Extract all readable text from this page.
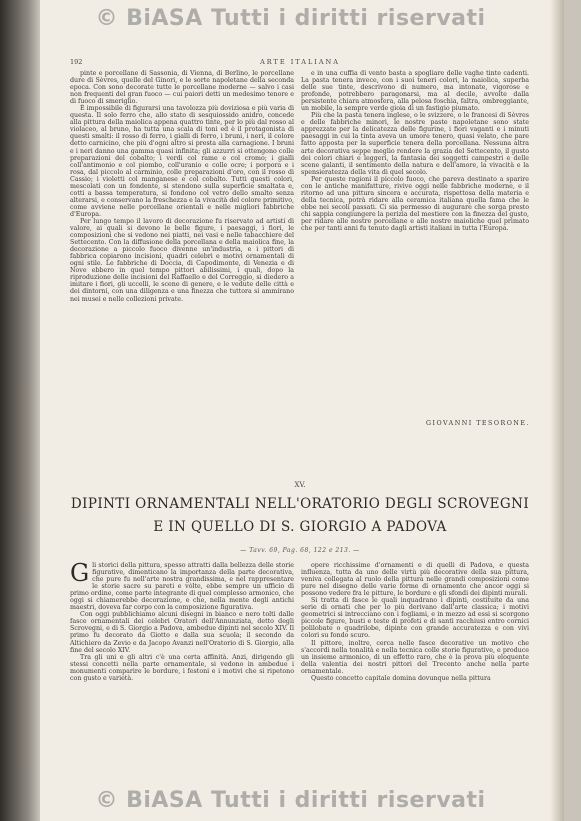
© BiASA Tutti i diritti riservati
192	ARTE ITALIANA

pinte e porcellane di Sassonia, di Vienna, di Berlino, le porcellane dure di Sèvres, quelle del Ginori, e le sorte napoletane della seconda epoca. Con sono decorate tutte le porcellane moderne — salvo i casi non frequenti del gran fuoco — cui paiori detti un medesimo tenore e di fuoco di smeriglio.

È impossibile di figurarsi una tavolozza più doviziosa e più varia di questa. Il solo ferro che, allo stato di sesquiossido anidro, concede alla pittura della maiolica appena quattro tinte, per lo più dal rosso al violaceo, al bruno, ha tutta una scala di toni ed è il protagonista di questi smalti: il rosso di ferro, i gialli di ferro, i bruni, i neri, il colore detto carnicino, che più d'ogni altro si presta alla carnagione. I bruni e i neri danno una gamma quasi infinita; gli azzurri si ottengono colle preparazioni del cobalto; i verdi col rame e col cromo; i gialli coll'antimonio e col piombo, coll'uranio e colle ocre; i porpora e i rosa, dal piccolo al carminio, colle preparazioni d'oro, con il rosso di Cassio; i violetti col manganese e col cobalto. Tutti questi colori, mescolati con un fondente, si stendono sulla superficie smaltata e, cotti a bassa temperatura, si fondono col vetro dello smalto senza alterarsi, e conservano la freschezza e la vivacità del colore primitivo, come avviene nelle porcellane orientali e nelle migliori fabbriche d'Europa.

Per lungo tempo il lavoro di decorazione fu riservato ad artisti di valore, ai quali si devono le belle figure, i paesaggi, i fiori, le composizioni che si vedono nei piatti, nei vasi e nelle tabacchiere del Settecento. Con la diffusione della porcellana e della maiolica fine, la decorazione a piccolo fuoco divenne un'industria, e i pittori di fabbrica copiarono incisioni, quadri celebri e motivi ornamentali di ogni stile. Le fabbriche di Doccia, di Capodimonte, di Venezia e di Nove ebbero in quel tempo pittori abilissimi, i quali, dopo la riproduzione delle incisioni del Raffaello e del Correggio, si diedero a imitare i fiori, gli uccelli, le scene di genere, e le vedute delle città e dei dintorni, con una diligenza e una finezza che tuttora si ammirano nei musei e nelle collezioni private.

e in una cuffia di vento basta a spogliare delle vaghe tinte cadenti. La pasta tenera invece, con i suoi teneri colori, la maiolica, superba delle sue tinte, descrivono di numero, ma intonate, vigorose e profonde, potrebbero paragonarsi, ma al decile, avvolte dalla persistente chiara atmosfera, alla pelosa foschia, faltra, ombreggiante, un mobile, la sempre verde gioia di un fastigio piumato.

Più che la pasta tenera inglese, o le svizzere, o le francesi di Sèvres e delle fabbriche minori, le nostre paste napoletane sono state apprezzate per la delicatezza delle figurine, i fiori vaganti e i minuti paesaggi in cui la tinta aveva un umore tenero, quasi velato, che pare fatto apposta per la superficie tenera della porcellana. Nessuna altra arte decorativa seppe meglio rendere la grazia del Settecento, il gusto dei colori chiari e leggeri, la fantasia dei soggetti campestri e delle scene galanti, il sentimento della natura e dell'amore, la vivacità e la spensieratezza della vita di quel secolo.

Per queste ragioni il piccolo fuoco, che pareva destinato a sparire con le antiche manifatture, rivive oggi nelle fabbriche moderne, e il ritorno ad una pittura sincera e accurata, rispettosa della materia e della tecnica, potrà ridare alla ceramica italiana quella fama che le ebbe nei secoli passati. Ci sia permesso di augurare che sorga presto chi sappia congiungere la perizia del mestiere con la finezza del gusto, per ridare alle nostre porcellane e alle nostre maioliche quel primato che per tanti anni fu tenuto dagli artisti italiani in tutta l'Europa.

GIOVANNI TESORONE.
XV.
DIPINTI ORNAMENTALI NELL'ORATORIO DEGLI SCROVEGNI
E IN QUELLO DI S. GIORGIO A PADOVA
— Tavv. 69, Pag. 68, 122 e 213. —

Gli storici della pittura, spesso attratti dalla bellezza delle storie figurative, dimenticano la importanza della parte decorativa, che pure fu nell'arte nostra grandissima, e nel rappresentare le storie sacre su pareti e vòlte, ebbe sempre un ufficio di primo ordine, come parte integrante di quel complesso armonico, che oggi si chiamerebbe decorazione, e che, nella mente degli antichi maestri, doveva far corpo con la composizione figurativa.

Con oggi pubblichiamo alcuni disegni in bianco e nero tolti dalle fasce ornamentali dei celebri Oratori dell'Annunziata, detto degli Scrovegni, e di S. Giorgio a Padova, ambedue dipinti nel secolo XIV. Il primo fu decorato da Giotto e dalla sua scuola; il secondo da Altichiero da Zevio e da Jacopo Avanzi nell'Oratorio di S. Giorgio, alla fine del secolo XIV.

Tra gli uni e gli altri c'è una certa affinità. Anzi, dirigendo gli stessi concetti nella parte ornamentale, si vedono in ambedue i monumenti comparire le bordure, i festoni e i motivi che si ripetono con gusto e varietà.

opere ricchissime d'ornamenti e di quelli di Padova, e questa influenza, tutta da uno delle virtù più decorative della sua pittura, veniva collegata al ruolo della pittura nelle grandi composizioni come pure nel disegno delle varie forme di ornamento che ancor oggi si possono vedere fra le pitture, le bordure e gli sfondi dei dipinti murali.

Si tratta di fasce le quali inquadrano i dipinti, costituite da una serie di ornati che per lo più derivano dall'arte classica; i motivi geometrici si intrecciano con i fogliami, e in mezzo ad essi si scorgono piccole figure, busti e teste di profeti e di santi racchiusi entro cornici polilobate o quadrilobe, dipinte con grande accuratezza e con vivi colori su fondo scuro.

Il pittore, inoltre, cerca nelle fasce decorative un motivo che s'accordi nella tonalità e nella tecnica colle storie figurative, e produce un insieme armonico, di un effetto raro, che è la prova più eloquente della valentia dei nostri pittori del Trecento anche nella parte ornamentale.

Questo concetto capitale domina dovunque nella pittura

© BiASA Tutti i diritti riservati
